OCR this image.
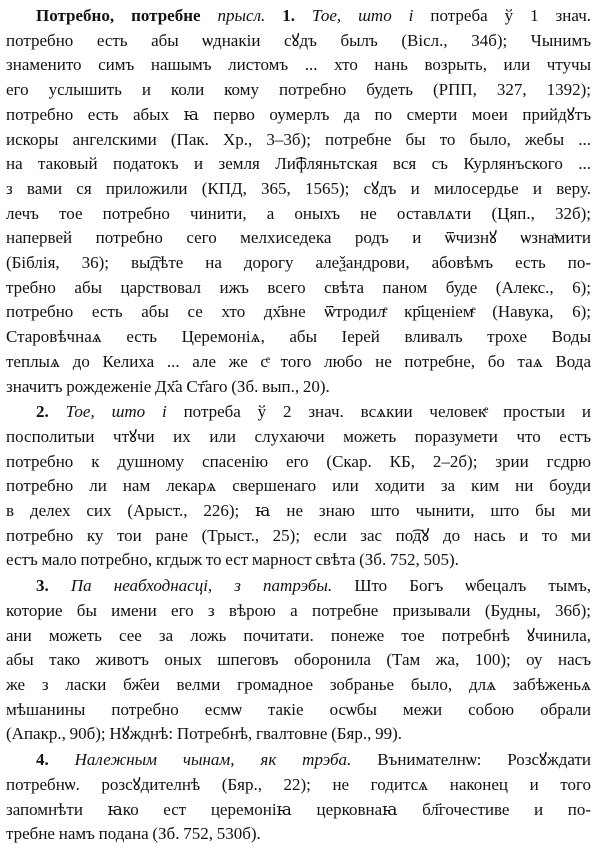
Потребно, потребне прысл. 1. Тое, што і потреба ў 1 знач.
потребно есть абы ѡднакіи сꙋдъ былъ (Вісл., 34б); Чынимъ
знаменито симъ нашымъ листомъ ... хто нань возрыть, или чтучы
его услышить и коли кому потребно будеть (РПП, 327, 1392);
потребно есть абых ꙗ перво оумерлъ да по смерти моеи прийдꙋтъ
искоры ангелскими (Пак. Хр., 3–3б); потребне бы то было, жебы ...
на таковый податокъ и земля Ли͡фляньтская вся съ Курлянъского ...
з вами ся приложили (КПД, 365, 1565); сꙋдъ и милосердье и веру.
лечъ тое потребно чинити, а оныхъ не оставлѧти (Цяп., 32б);
напервей потребно сего мелхиседека родъ и ѿчизнꙋ ѡзнаͣмити
(Біблія, 36); вы͡дѣте на дорогу алеѯандрови, абовѣмъ есть по-
требно абы царствовал ижъ всего свѣта паном буде (Алекс., 6);
потребно есть абы се хто дх҃вне ѿтродилͤ кр҃щеніемͤ (Навука, 6);
Старовѣчнаѧ есть Церемоніѧ, абы Іерей вливалъ трохе Воды
теплыѧ до Келиха ... але же сͤ того любо не потребне, бо таѧ Вода
значитъ рождеженіе Дх҃а Ст҃аго (Зб. вып., 20).
2. Тое, што і потреба ў 2 знач. всѧкии человекͤ простыи и
посполитыи чтꙋчи их или слухаючи можеть поразумети что естъ
потребно к душному спасенію его (Скар. КБ, 2–2б); зрии гсдрю
потребно ли нам лекарѧ свершенаго или ходити за ким ни боуди
в делех сих (Арыст., 226); ꙗ не знаю што чынити, што бы ми
потребно ку тои ране (Трыст., 25); если зас по͡дꙋ до нась и то ми
естъ мало потребно, кгдыж то ест марност свѣта (Зб. 752, 505).
3. Па неабходнасці, з патрэбы. Што Богъ ѡбецалъ тымъ,
которие бы имени его з вѣрою а потребне призывали (Будны, 36б);
ани можеть сее за ложь почитати. понеже тое потребнѣ ꙋчинила,
абы тако животъ оных шпеговъ оборонила (Там жа, 100); оу насъ
же з ласки бж҃еи велми громадное зобранье было, длѧ забѣженьѧ
мѣшанины потребно есмѡ такіе осѡбы межи собою обрали
(Апакр., 90б); Нꙋжднѣ: Потребнѣ, гвалтовне (Бяр., 99).
4. Належным чынам, як трэба. Вънимателнѡ: Розсꙋждати
потребнѡ. розсꙋдителнѣ (Бяр., 22); не годитсѧ наконец и того
запомнѣти ꙗко ест церемоніꙗ церковнаꙗ бл҃гочестиве и по-
требне намъ подана (Зб. 752, 530б).
